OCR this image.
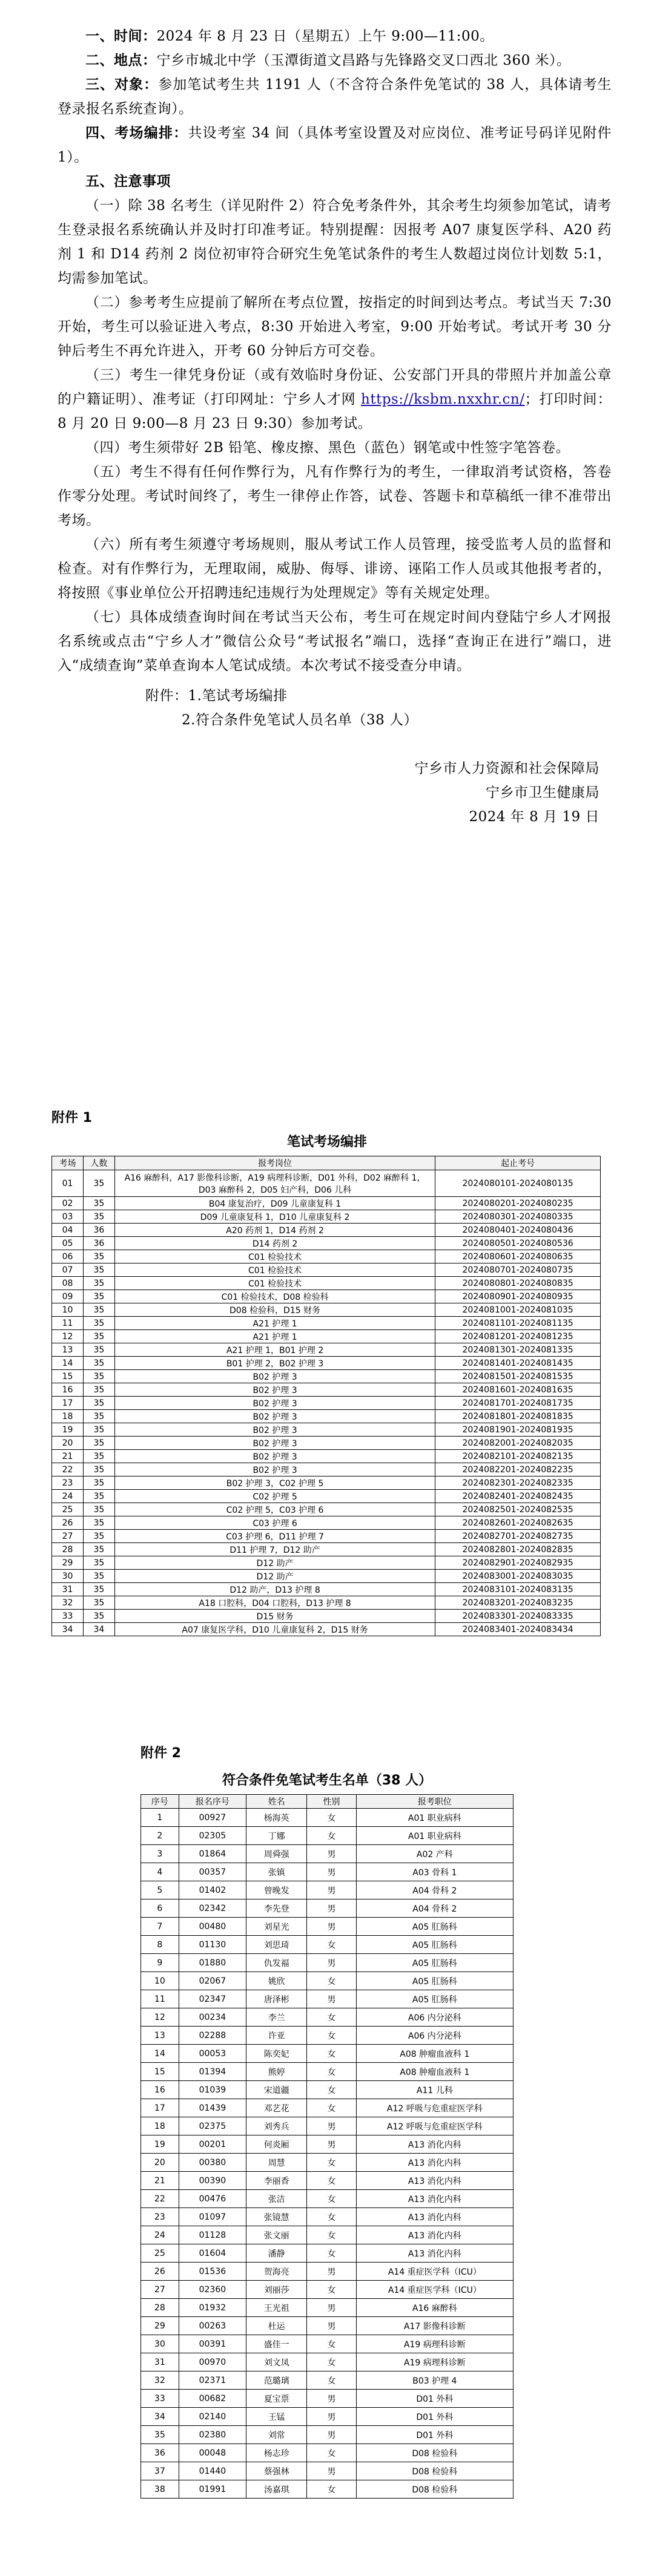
一、时间：2024 年 8 月 23 日（星期五）上午 9:00—11:00。

二、地点：宁乡市城北中学（玉潭街道文昌路与先锋路交叉口西北 360 米）。

三、对象：参加笔试考生共 1191 人（不含符合条件免笔试的 38 人，具体请考生登录报名系统查询）。

四、考场编排：共设考室 34 间（具体考室设置及对应岗位、准考证号码详见附件 1）。

五、注意事项

（一）除 38 名考生（详见附件 2）符合免考条件外，其余考生均须参加笔试，请考生登录报名系统确认并及时打印准考证。特别提醒：因报考 A07 康复医学科、A20 药剂 1 和 D14 药剂 2 岗位初审符合研究生免笔试条件的考生人数超过岗位计划数 5:1，均需参加笔试。

（二）参考考生应提前了解所在考点位置，按指定的时间到达考点。考试当天 7:30 开始，考生可以验证进入考点，8:30 开始进入考室，9:00 开始考试。考试开考 30 分钟后考生不再允许进入，开考 60 分钟后方可交卷。

（三）考生一律凭身份证（或有效临时身份证、公安部门开具的带照片并加盖公章的户籍证明）、准考证（打印网址：宁乡人才网 https://ksbm.nxxhr.cn/；打印时间：8 月 20 日 9:00—8 月 23 日 9:30）参加考试。

（四）考生须带好 2B 铅笔、橡皮擦、黑色（蓝色）钢笔或中性签字笔答卷。

（五）考生不得有任何作弊行为，凡有作弊行为的考生，一律取消考试资格，答卷作零分处理。考试时间终了，考生一律停止作答，试卷、答题卡和草稿纸一律不准带出考场。

（六）所有考生须遵守考场规则，服从考试工作人员管理，接受监考人员的监督和检查。对有作弊行为，无理取闹，威胁、侮辱、诽谤、诬陷工作人员或其他报考者的，将按照《事业单位公开招聘违纪违规行为处理规定》等有关规定处理。

（七）具体成绩查询时间在考试当天公布，考生可在规定时间内登陆宁乡人才网报名系统或点击“宁乡人才”微信公众号“考试报名”端口，选择“查询正在进行”端口，进入“成绩查询”菜单查询本人笔试成绩。本次考试不接受查分申请。

附件：1.笔试考场编排

2.符合条件免笔试人员名单（38 人）

宁乡市人力资源和社会保障局
宁乡市卫生健康局
2024 年 8 月 19 日
附件 1
笔试考场编排
考场	人数	报考岗位	起止考号
01	35	A16 麻醉科，A17 影像科诊断，A19 病理科诊断，D01 外科，D02 麻醉科 1，D03 麻醉科 2，D05 妇产科，D06 儿科	2024080101-2024080135
02	35	B04 康复治疗，D09 儿童康复科 1	2024080201-2024080235
03	35	D09 儿童康复科 1，D10 儿童康复科 2	2024080301-2024080335
04	36	A20 药剂 1，D14 药剂 2	2024080401-2024080436
05	36	D14 药剂 2	2024080501-2024080536
06	35	C01 检验技术	2024080601-2024080635
07	35	C01 检验技术	2024080701-2024080735
08	35	C01 检验技术	2024080801-2024080835
09	35	C01 检验技术，D08 检验科	2024080901-2024080935
10	35	D08 检验科，D15 财务	2024081001-2024081035
11	35	A21 护理 1	2024081101-2024081135
12	35	A21 护理 1	2024081201-2024081235
13	35	A21 护理 1，B01 护理 2	2024081301-2024081335
14	35	B01 护理 2，B02 护理 3	2024081401-2024081435
15	35	B02 护理 3	2024081501-2024081535
16	35	B02 护理 3	2024081601-2024081635
17	35	B02 护理 3	2024081701-2024081735
18	35	B02 护理 3	2024081801-2024081835
19	35	B02 护理 3	2024081901-2024081935
20	35	B02 护理 3	2024082001-2024082035
21	35	B02 护理 3	2024082101-2024082135
22	35	B02 护理 3	2024082201-2024082235
23	35	B02 护理 3，C02 护理 5	2024082301-2024082335
24	35	C02 护理 5	2024082401-2024082435
25	35	C02 护理 5，C03 护理 6	2024082501-2024082535
26	35	C03 护理 6	2024082601-2024082635
27	35	C03 护理 6，D11 护理 7	2024082701-2024082735
28	35	D11 护理 7，D12 助产	2024082801-2024082835
29	35	D12 助产	2024082901-2024082935
30	35	D12 助产	2024083001-2024083035
31	35	D12 助产，D13 护理 8	2024083101-2024083135
32	35	A18 口腔科，D04 口腔科，D13 护理 8	2024083201-2024083235
33	35	D15 财务	2024083301-2024083335
34	34	A07 康复医学科，D10 儿童康复科 2，D15 财务	2024083401-2024083434
附件 2
符合条件免笔试考生名单（38 人）
序号	报名序号	姓名	性别	报考职位
1	00927	杨海英	女	A01 职业病科
2	02305	丁娜	女	A01 职业病科
3	01864	周舜强	男	A02 产科
4	00357	张镇	男	A03 骨科 1
5	01402	曾晚发	男	A04 骨科 2
6	02342	李先登	男	A04 骨科 2
7	00480	刘星光	男	A05 肛肠科
8	01130	刘思琦	女	A05 肛肠科
9	01880	仇发福	男	A05 肛肠科
10	02067	姚欣	女	A05 肛肠科
11	02347	唐泽彬	男	A05 肛肠科
12	00234	李兰	女	A06 内分泌科
13	02288	许亚	女	A06 内分泌科
14	00053	陈奕妃	女	A08 肿瘤血液科 1
15	01394	熊婷	女	A08 肿瘤血液科 1
16	01039	宋道疆	女	A11 儿科
17	01439	邓艺花	女	A12 呼吸与危重症医学科
18	02375	刘秀兵	男	A12 呼吸与危重症医学科
19	00201	何炎厢	男	A13 消化内科
20	00380	周慧	女	A13 消化内科
21	00390	李丽香	女	A13 消化内科
22	00476	张洁	女	A13 消化内科
23	01097	张镜慧	女	A13 消化内科
24	01128	张文丽	女	A13 消化内科
25	01604	潘静	女	A13 消化内科
26	01536	贺海亮	男	A14 重症医学科（ICU）
27	02360	刘丽莎	女	A14 重症医学科（ICU）
28	01932	王光祖	男	A16 麻醉科
29	00263	杜运	男	A17 影像科诊断
30	00391	盛佳一	女	A19 病理科诊断
31	00970	刘文凤	女	A19 病理科诊断
32	02371	范璐璃	女	B03 护理 4
33	00682	夏宝票	男	D01 外科
34	02140	王锰	男	D01 外科
35	02380	刘常	男	D01 外科
36	00048	杨志珍	女	D08 检验科
37	01440	蔡强林	男	D08 检验科
38	01991	汤嘉琪	女	D08 检验科
